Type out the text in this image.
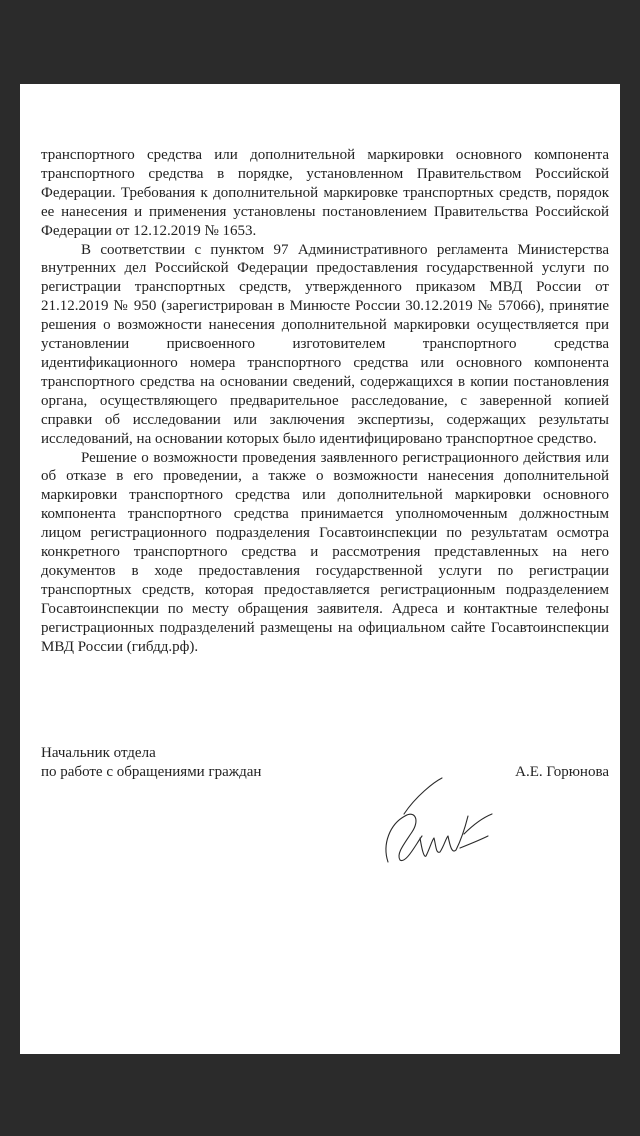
транспортного средства или дополнительной маркировки основного компонента транспортного средства в порядке, установленном Правительством Российской Федерации. Требования к дополнительной маркировке транспортных средств, порядок ее нанесения и применения установлены постановлением Правительства Российской Федерации от 12.12.2019 № 1653.

В соответствии с пунктом 97 Административного регламента Министерства внутренних дел Российской Федерации предоставления государственной услуги по регистрации транспортных средств, утвержденного приказом МВД России от 21.12.2019 № 950 (зарегистрирован в Минюсте России 30.12.2019 № 57066), принятие решения о возможности нанесения дополнительной маркировки осуществляется при установлении присвоенного изготовителем транспортного средства идентификационного номера транспортного средства или основного компонента транспортного средства на основании сведений, содержащихся в копии постановления органа, осуществляющего предварительное расследование, с заверенной копией справки об исследовании или заключения экспертизы, содержащих результаты исследований, на основании которых было идентифицировано транспортное средство.

Решение о возможности проведения заявленного регистрационного действия или об отказе в его проведении, а также о возможности нанесения дополнительной маркировки транспортного средства или дополнительной маркировки основного компонента транспортного средства принимается уполномоченным должностным лицом регистрационного подразделения Госавтоинспекции по результатам осмотра конкретного транспортного средства и рассмотрения представленных на него документов в ходе предоставления государственной услуги по регистрации транспортных средств, которая предоставляется регистрационным подразделением Госавтоинспекции по месту обращения заявителя. Адреса и контактные телефоны регистрационных подразделений размещены на официальном сайте Госавтоинспекции МВД России (гибдд.рф).

Начальник отдела
по работе с обращениями граждан	А.Е. Горюнова
